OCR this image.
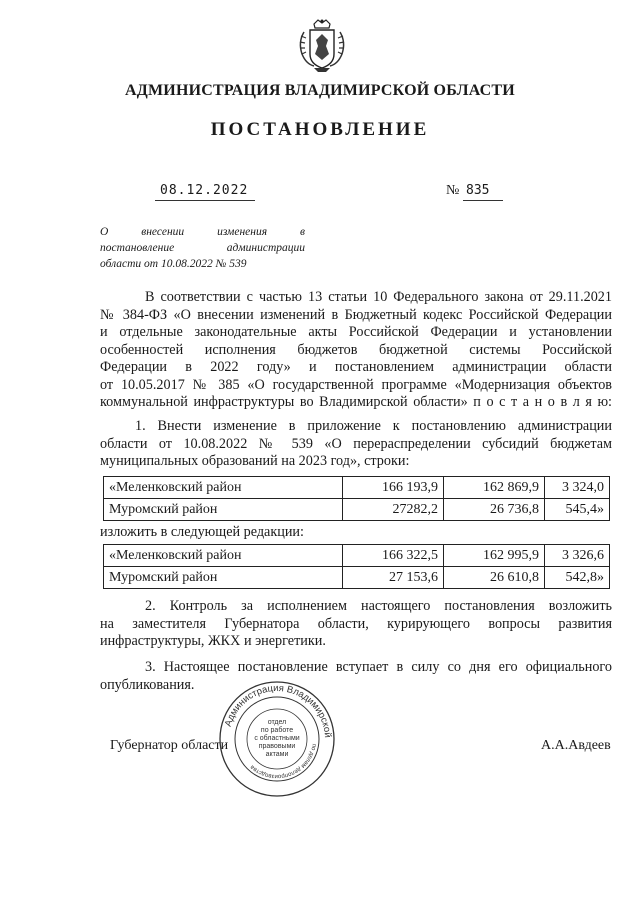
АДМИНИСТРАЦИЯ ВЛАДИМИРСКОЙ ОБЛАСТИ
ПОСТАНОВЛЕНИЕ
08.12.2022	№ 835
О внесении изменения в
постановление администрации
области от 10.08.2022 № 539
В соответствии с частью 13 статьи 10 Федерального закона от 29.11.2021
№ 384-ФЗ «О внесении изменений в Бюджетный кодекс Российской Федерации
и отдельные законодательные акты Российской Федерации и установлении
особенностей исполнения бюджетов бюджетной системы Российской
Федерации в 2022 году» и постановлением администрации области
от 10.05.2017 № 385 «О государственной программе «Модернизация объектов
коммунальной инфраструктуры во Владимирской области» п о с т а н о в л я ю:
1. Внести изменение в приложение к постановлению администрации
области от 10.08.2022 № 539 «О перераспределении субсидий бюджетам
муниципальных образований на 2023 год», строки:
«Меленковский район	166 193,9	162 869,9	3 324,0
Муромский район	27282,2	26 736,8	545,4»
изложить в следующей редакции:
«Меленковский район	166 322,5	162 995,9	3 326,6
Муромский район	27 153,6	26 610,8	542,8»
2. Контроль за исполнением настоящего постановления возложить
на заместителя Губернатора области, курирующего вопросы развития
инфраструктуры, ЖКХ и энергетики.
3. Настоящее постановление вступает в силу со дня его официального
опубликования.
Губернатор области	А.А.Авдеев
Администрация Владимирской
по делам делопроизводства
отдел
по работе
с областными
правовыми
актами
